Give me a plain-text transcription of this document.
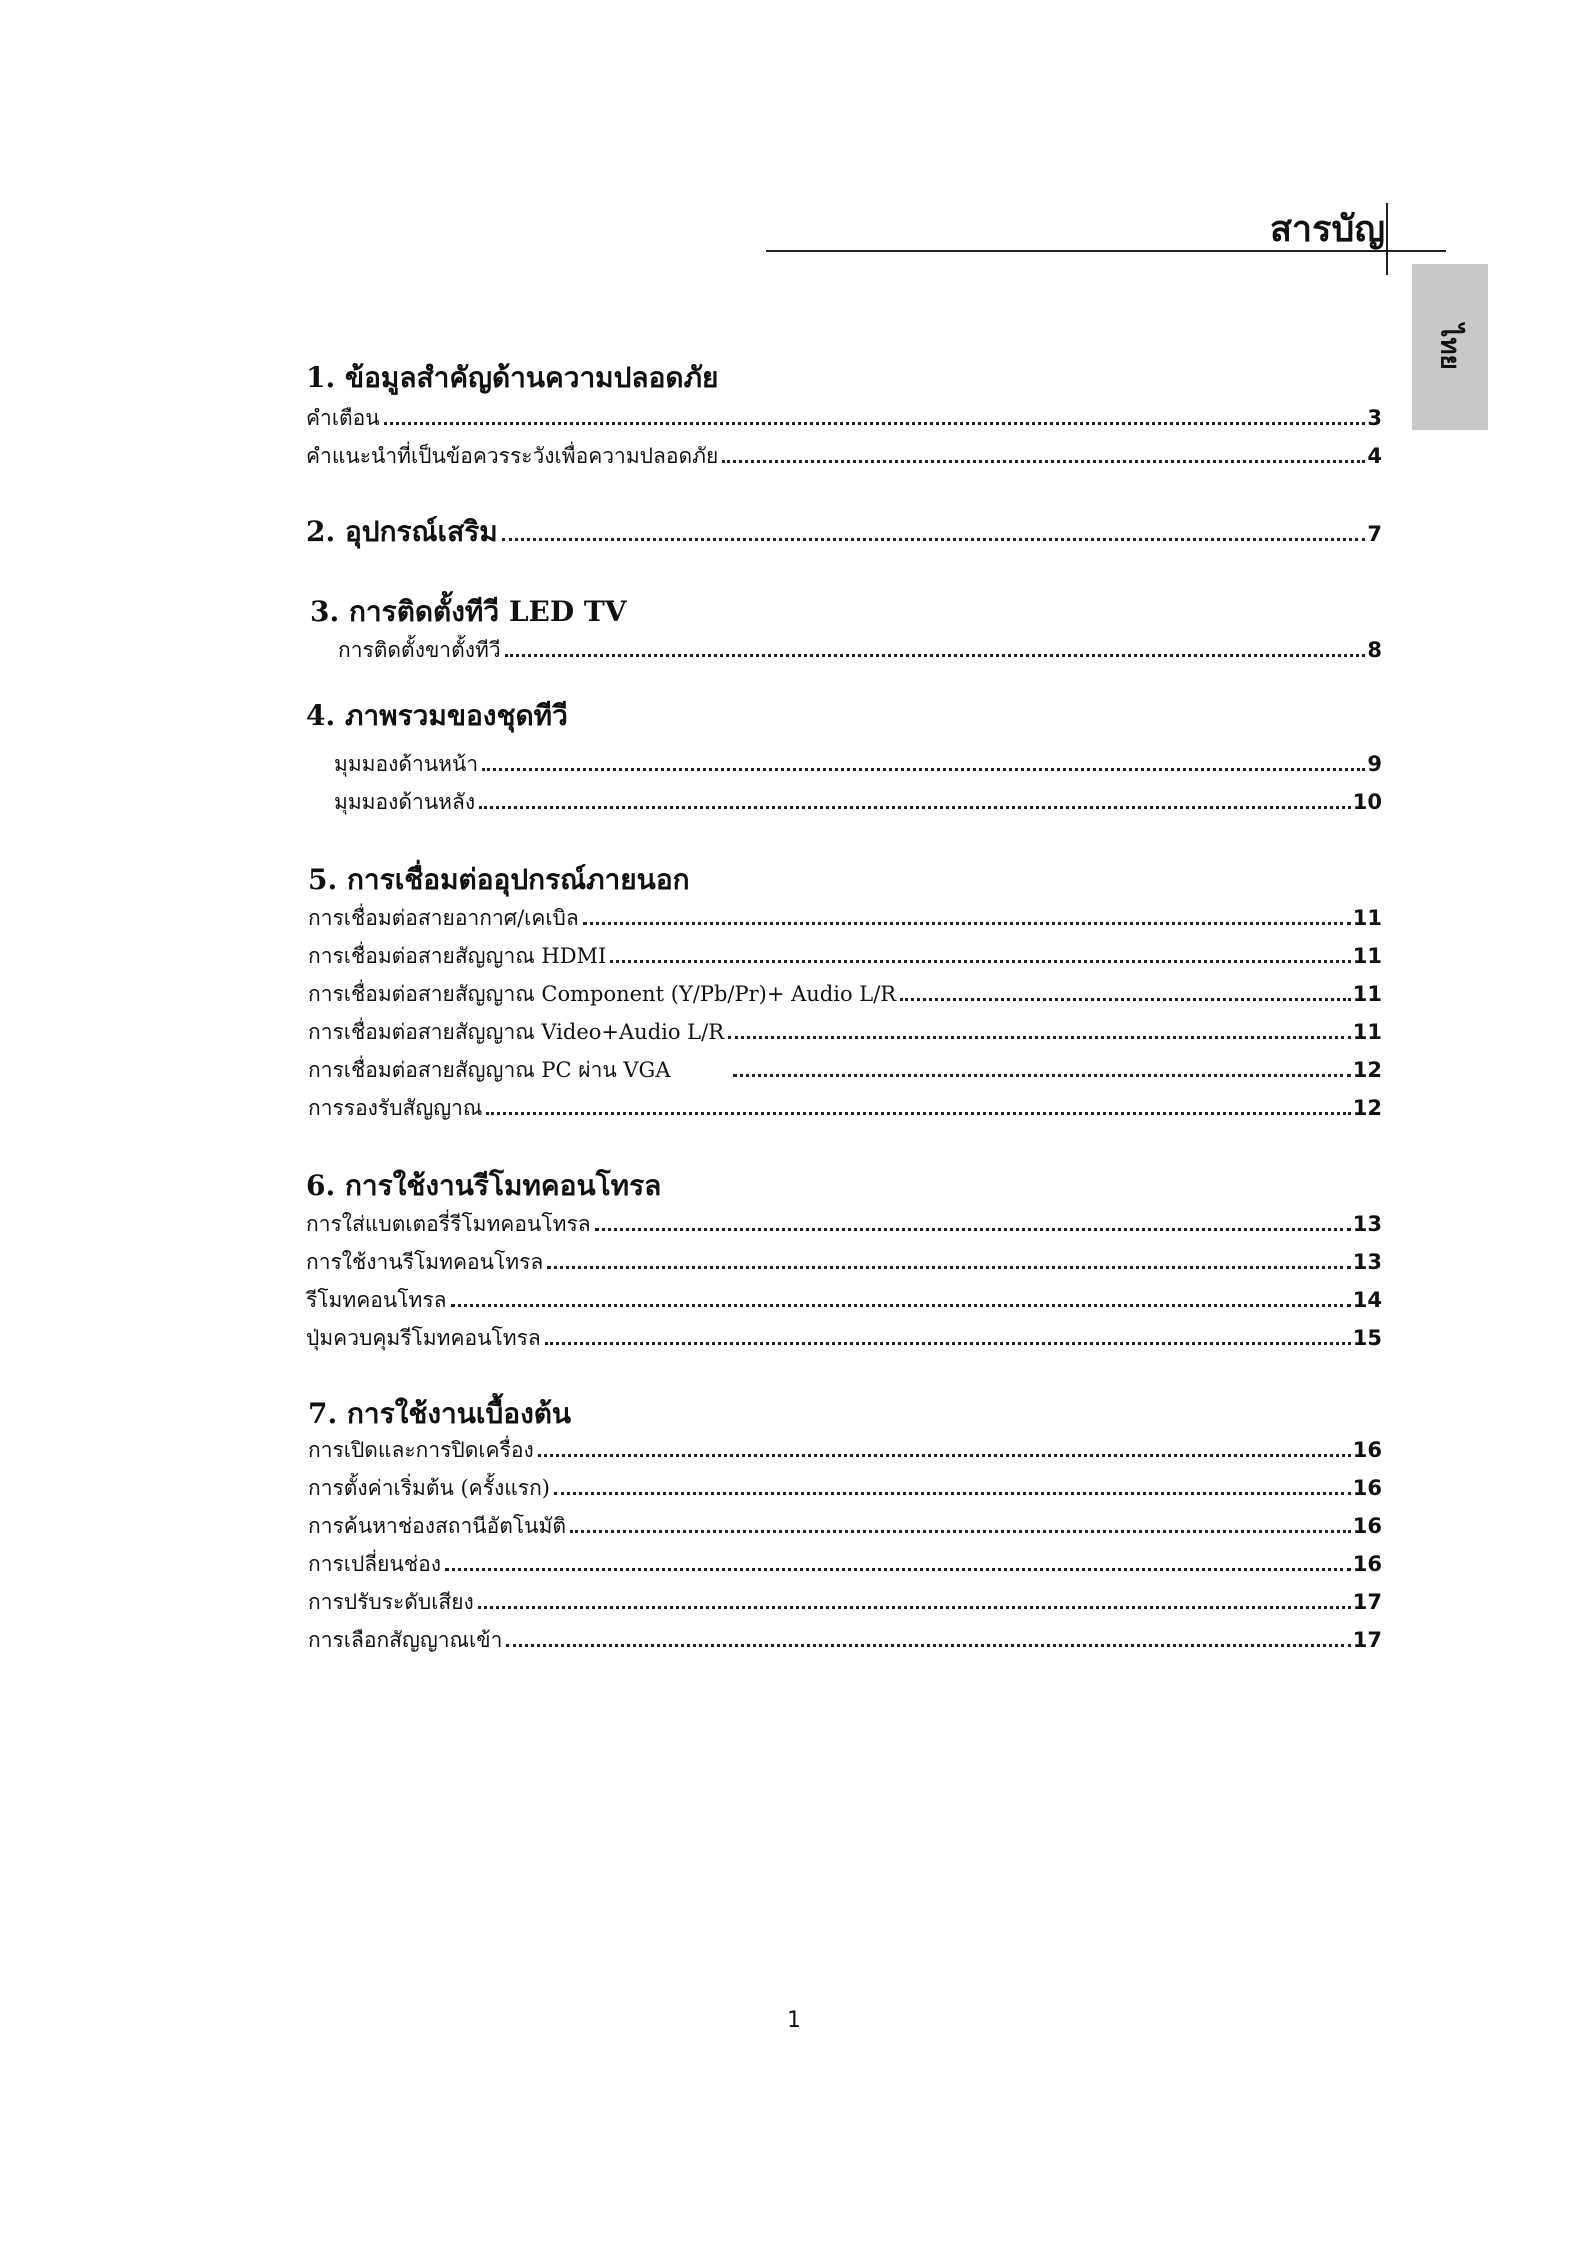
สารบัญ
ไทย
1. ข้อมูลสำคัญด้านความปลอดภัย
คำเตือน	3
คำแนะนำที่เป็นข้อควรระวังเพื่อความปลอดภัย	4
2. อุปกรณ์เสริม	7
3. การติดตั้งทีวี LED TV
การติดตั้งขาตั้งทีวี	8
4. ภาพรวมของชุดทีวี
มุมมองด้านหน้า	9
มุมมองด้านหลัง	10
5. การเชื่อมต่ออุปกรณ์ภายนอก
การเชื่อมต่อสายอากาศ/เคเบิล	11
การเชื่อมต่อสายสัญญาณ HDMI	11
การเชื่อมต่อสายสัญญาณ Component (Y/Pb/Pr)+ Audio L/R	11
การเชื่อมต่อสายสัญญาณ Video+Audio L/R	11
การเชื่อมต่อสายสัญญาณ PC ผ่าน VGA	12
การรองรับสัญญาณ	12
6. การใช้งานรีโมทคอนโทรล
การใส่แบตเตอรี่รีโมทคอนโทรล	13
การใช้งานรีโมทคอนโทรล	13
รีโมทคอนโทรล	14
ปุ่มควบคุมรีโมทคอนโทรล	15
7. การใช้งานเบื้องต้น
การเปิดและการปิดเครื่อง	16
การตั้งค่าเริ่มต้น (ครั้งแรก)	16
การค้นหาช่องสถานีอัตโนมัติ	16
การเปลี่ยนช่อง	16
การปรับระดับเสียง	17
การเลือกสัญญาณเข้า	17
1
